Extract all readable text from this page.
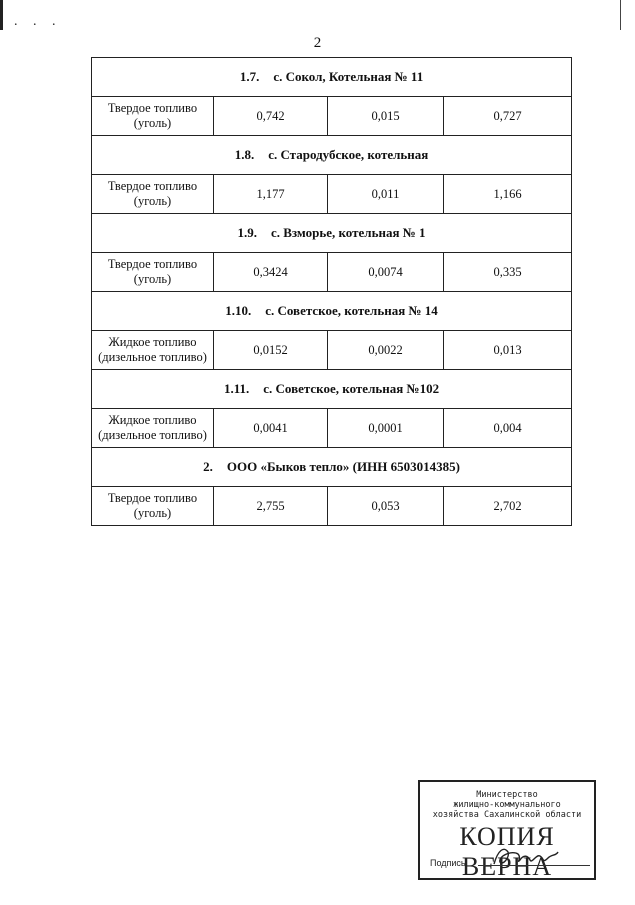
. . .
2
1.7. с. Сокол, Котельная № 11			

Твердое топливо
(уголь)	0,742	0,015	0,727
1.8. с. Стародубское, котельная			

Твердое топливо
(уголь)	1,177	0,011	1,166
1.9. с. Взморье, котельная № 1			

Твердое топливо
(уголь)	0,3424	0,0074	0,335
1.10. с. Советское, котельная № 14			

Жидкое топливо
(дизельное топливо)	0,0152	0,0022	0,013
1.11. с. Советское, котельная №102			

Жидкое топливо
(дизельное топливо)	0,0041	0,0001	0,004
2. ООО «Быков тепло» (ИНН 6503014385)			

Твердое топливо
(уголь)	2,755	0,053	2,702
Министерство
жилищно-коммунального
хозяйства Сахалинской области
КОПИЯ ВЕРНА
Подпись
